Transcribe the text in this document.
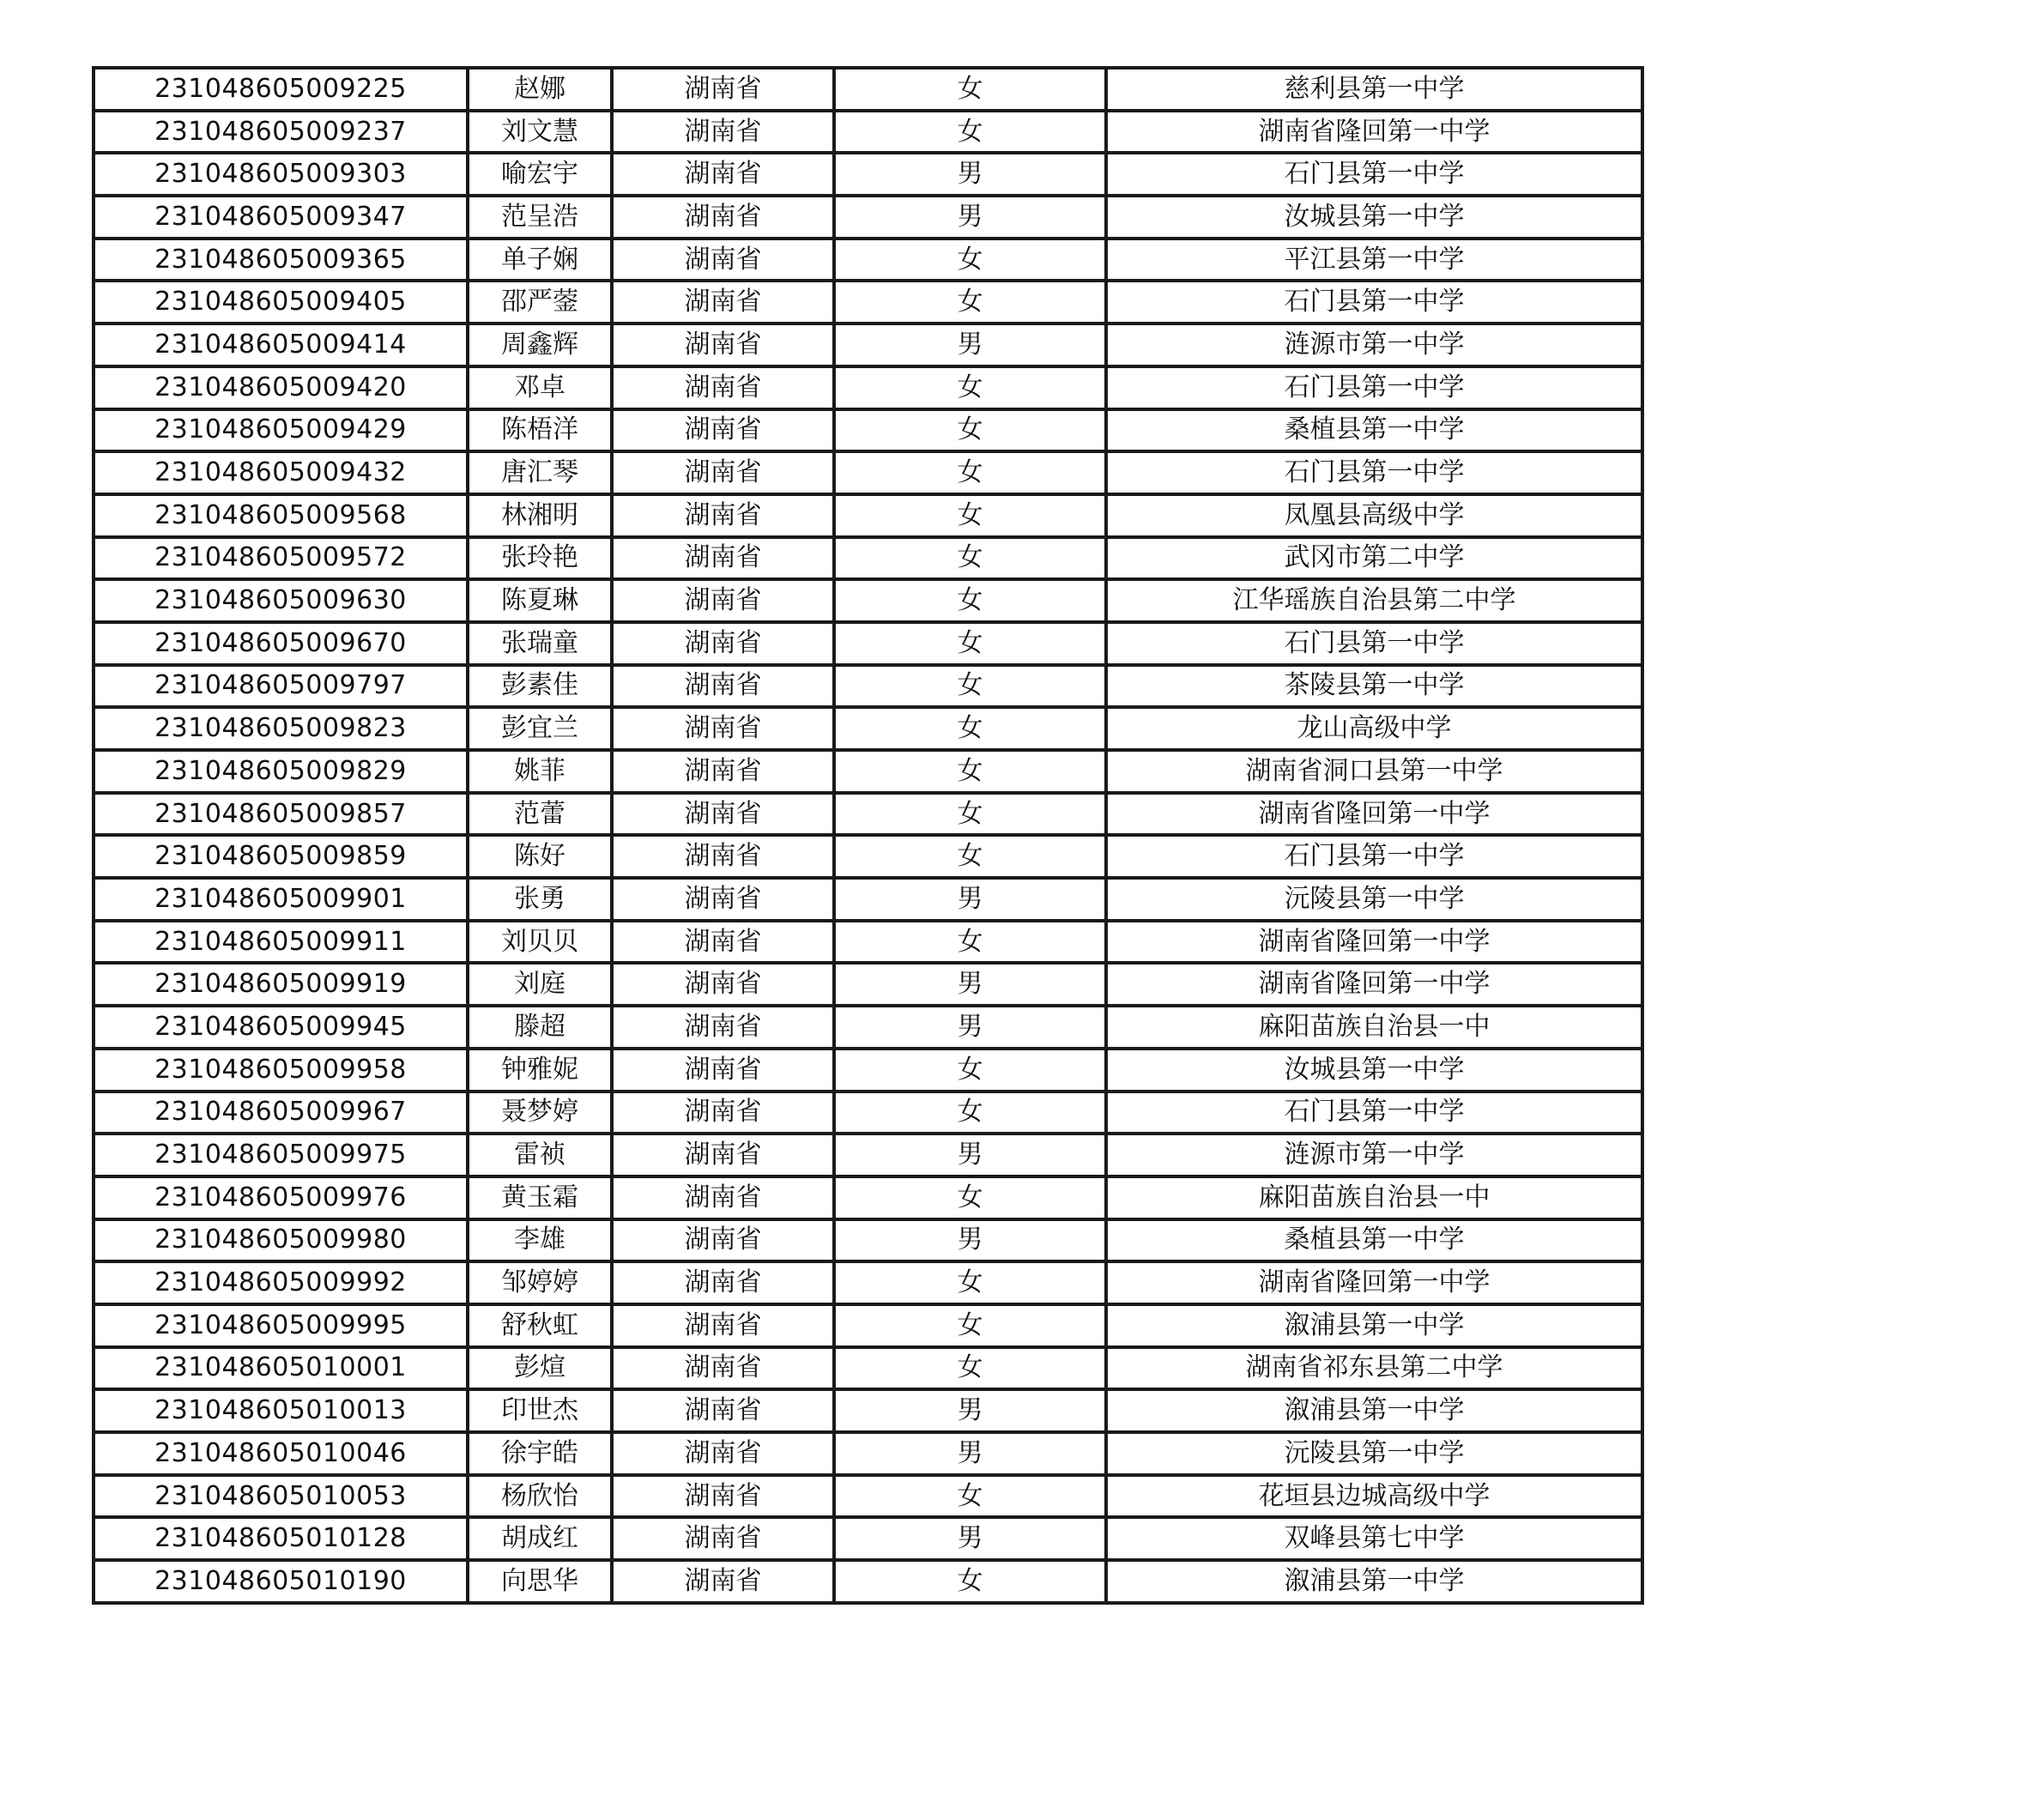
231048605009225	赵娜	湖南省	女	慈利县第一中学
231048605009237	刘文慧	湖南省	女	湖南省隆回第一中学
231048605009303	喻宏宇	湖南省	男	石门县第一中学
231048605009347	范呈浩	湖南省	男	汝城县第一中学
231048605009365	单子娴	湖南省	女	平江县第一中学
231048605009405	邵严蓥	湖南省	女	石门县第一中学
231048605009414	周鑫辉	湖南省	男	涟源市第一中学
231048605009420	邓卓	湖南省	女	石门县第一中学
231048605009429	陈梧洋	湖南省	女	桑植县第一中学
231048605009432	唐汇琴	湖南省	女	石门县第一中学
231048605009568	林湘明	湖南省	女	凤凰县高级中学
231048605009572	张玲艳	湖南省	女	武冈市第二中学
231048605009630	陈夏琳	湖南省	女	江华瑶族自治县第二中学
231048605009670	张瑞童	湖南省	女	石门县第一中学
231048605009797	彭素佳	湖南省	女	茶陵县第一中学
231048605009823	彭宜兰	湖南省	女	龙山高级中学
231048605009829	姚菲	湖南省	女	湖南省洞口县第一中学
231048605009857	范蕾	湖南省	女	湖南省隆回第一中学
231048605009859	陈好	湖南省	女	石门县第一中学
231048605009901	张勇	湖南省	男	沅陵县第一中学
231048605009911	刘贝贝	湖南省	女	湖南省隆回第一中学
231048605009919	刘庭	湖南省	男	湖南省隆回第一中学
231048605009945	滕超	湖南省	男	麻阳苗族自治县一中
231048605009958	钟雅妮	湖南省	女	汝城县第一中学
231048605009967	聂梦婷	湖南省	女	石门县第一中学
231048605009975	雷祯	湖南省	男	涟源市第一中学
231048605009976	黄玉霜	湖南省	女	麻阳苗族自治县一中
231048605009980	李雄	湖南省	男	桑植县第一中学
231048605009992	邹婷婷	湖南省	女	湖南省隆回第一中学
231048605009995	舒秋虹	湖南省	女	溆浦县第一中学
231048605010001	彭煊	湖南省	女	湖南省祁东县第二中学
231048605010013	印世杰	湖南省	男	溆浦县第一中学
231048605010046	徐宇皓	湖南省	男	沅陵县第一中学
231048605010053	杨欣怡	湖南省	女	花垣县边城高级中学
231048605010128	胡成红	湖南省	男	双峰县第七中学
231048605010190	向思华	湖南省	女	溆浦县第一中学
